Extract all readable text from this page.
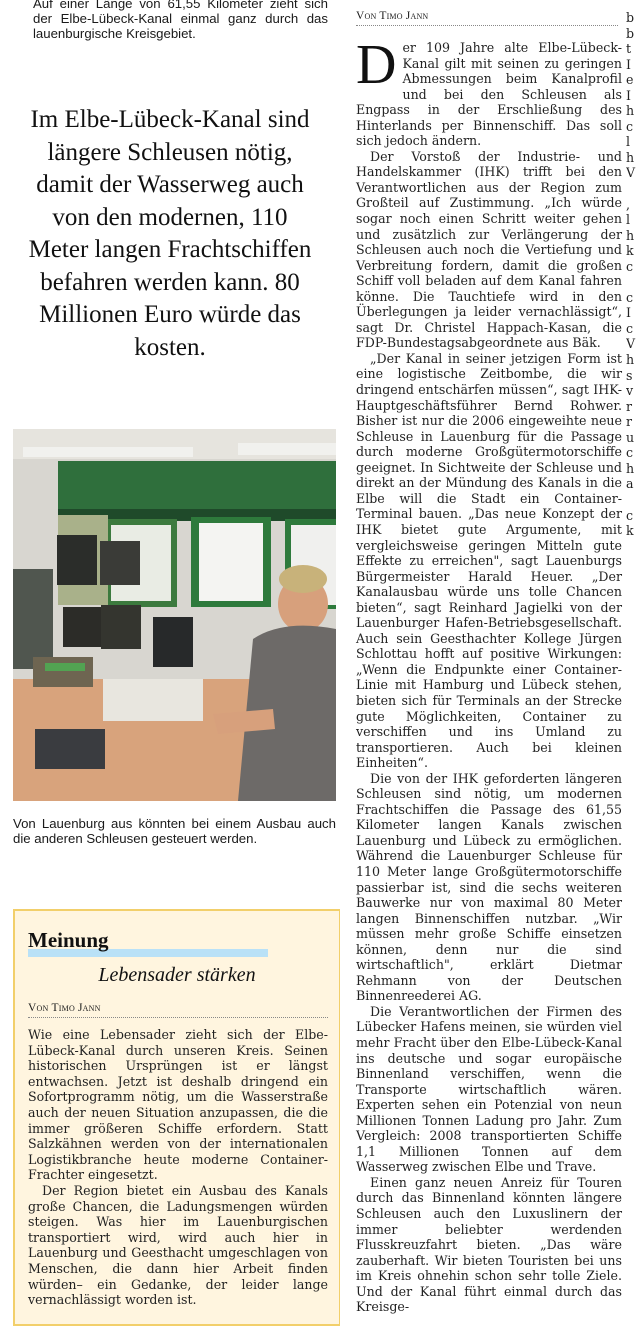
Auf einer Länge von 61,55 Kilometer zieht sich der Elbe-Lübeck-Kanal einmal ganz durch das lauenburgische Kreisgebiet.
Im Elbe-Lübeck-Kanal sind längere Schleusen nötig, damit der Wasserweg auch von den modernen, 110 Meter langen Frachtschiffen befahren werden kann. 80 Millionen Euro würde das kosten.
Von Lauenburg aus könnten bei einem Ausbau auch die anderen Schleusen gesteuert werden.
Meinung
Lebensader stärken
Von Timo Jann

Wie eine Lebensader zieht sich der Elbe-Lübeck-Kanal durch unseren Kreis. Seinen historischen Ursprüngen ist er längst entwachsen. Jetzt ist deshalb dringend ein Sofortprogramm nötig, um die Wasserstraße auch der neuen Situation anzupassen, die die immer größeren Schiffe erfordern. Statt Salzkähnen werden von der internationalen Logistikbranche heute moderne Container-Frachter eingesetzt.

Der Region bietet ein Ausbau des Kanals große Chancen, die Ladungsmengen würden steigen. Was hier im Lauenburgischen transportiert wird, wird auch hier in Lauenburg und Geesthacht umgeschlagen von Menschen, die dann hier Arbeit finden würden– ein Gedanke, der leider lange vernachlässigt worden ist.

Von Timo Jann

Der 109 Jahre alte Elbe-Lübeck-Kanal gilt mit seinen zu geringen Abmessungen beim Kanalprofil und bei den Schleusen als Engpass in der Erschließung des Hinterlands per Binnenschiff. Das soll sich jedoch ändern.

Der Vorstoß der Industrie- und Handelskammer (IHK) trifft bei den Verantwortlichen aus der Region zum Großteil auf Zustimmung. „Ich würde sogar noch einen Schritt weiter gehen und zusätzlich zur Verlängerung der Schleusen auch noch die Vertiefung und Verbreitung fordern, damit die großen Schiff voll beladen auf dem Kanal fahren könne. Die Tauchtiefe wird in den Überlegungen ja leider vernachlässigt“, sagt Dr. Christel Happach-Kasan, die FDP-Bundestagsabgeordnete aus Bäk.

„Der Kanal in seiner jetzigen Form ist eine logistische Zeitbombe, die wir dringend entschärfen müssen“, sagt IHK-Hauptgeschäftsführer Bernd Rohwer. Bisher ist nur die 2006 eingeweihte neue Schleuse in Lauenburg für die Passage durch moderne Großgütermotorschiffe geeignet. In Sichtweite der Schleuse und direkt an der Mündung des Kanals in die Elbe will die Stadt ein Container-Terminal bauen. „Das neue Konzept der IHK bietet gute Argumente, mit vergleichsweise geringen Mitteln gute Effekte zu erreichen", sagt Lauenburgs Bürgermeister Harald Heuer. „Der Kanalausbau würde uns tolle Chancen bieten“, sagt Reinhard Jagielki von der Lauenburger Hafen-Betriebsgesellschaft. Auch sein Geesthachter Kollege Jürgen Schlottau hofft auf positive Wirkungen: „Wenn die Endpunkte einer Container-Linie mit Hamburg und Lübeck stehen, bieten sich für Terminals an der Strecke gute Möglichkeiten, Container zu verschiffen und ins Umland zu transportieren. Auch bei kleinen Einheiten“.

Die von der IHK geforderten längeren Schleusen sind nötig, um modernen Frachtschiffen die Passage des 61,55 Kilometer langen Kanals zwischen Lauenburg und Lübeck zu ermöglichen. Während die Lauenburger Schleuse für 110 Meter lange Großgütermotorschiffe passierbar ist, sind die sechs weiteren Bauwerke nur von maximal 80 Meter langen Binnenschiffen nutzbar. „Wir müssen mehr große Schiffe einsetzen können, denn nur die sind wirtschaftlich", erklärt Dietmar Rehmann von der Deutschen Binnenreederei AG.

Die Verantwortlichen der Firmen des Lübecker Hafens meinen, sie würden viel mehr Fracht über den Elbe-Lübeck-Kanal ins deutsche und sogar europäische Binnenland verschiffen, wenn die Transporte wirtschaftlich wären. Experten sehen ein Potenzial von neun Millionen Tonnen Ladung pro Jahr. Zum Vergleich: 2008 transportierten Schiffe 1,1 Millionen Tonnen auf dem Wasserweg zwischen Elbe und Trave.

Einen ganz neuen Anreiz für Touren durch das Binnenland könnten längere Schleusen auch den Luxuslinern der immer beliebter werdenden Flusskreuzfahrt bieten. „Das wäre zauberhaft. Wir bieten Touristen bei uns im Kreis ohnehin schon sehr tolle Ziele. Und der Kanal führt einmal durch das Kreisge-

b
b
t
I
e
I
h
c
l
h
V

,
l
h
k
c

c
I
c
V
h
s
v
r
r
u
c
h
a

c
k
